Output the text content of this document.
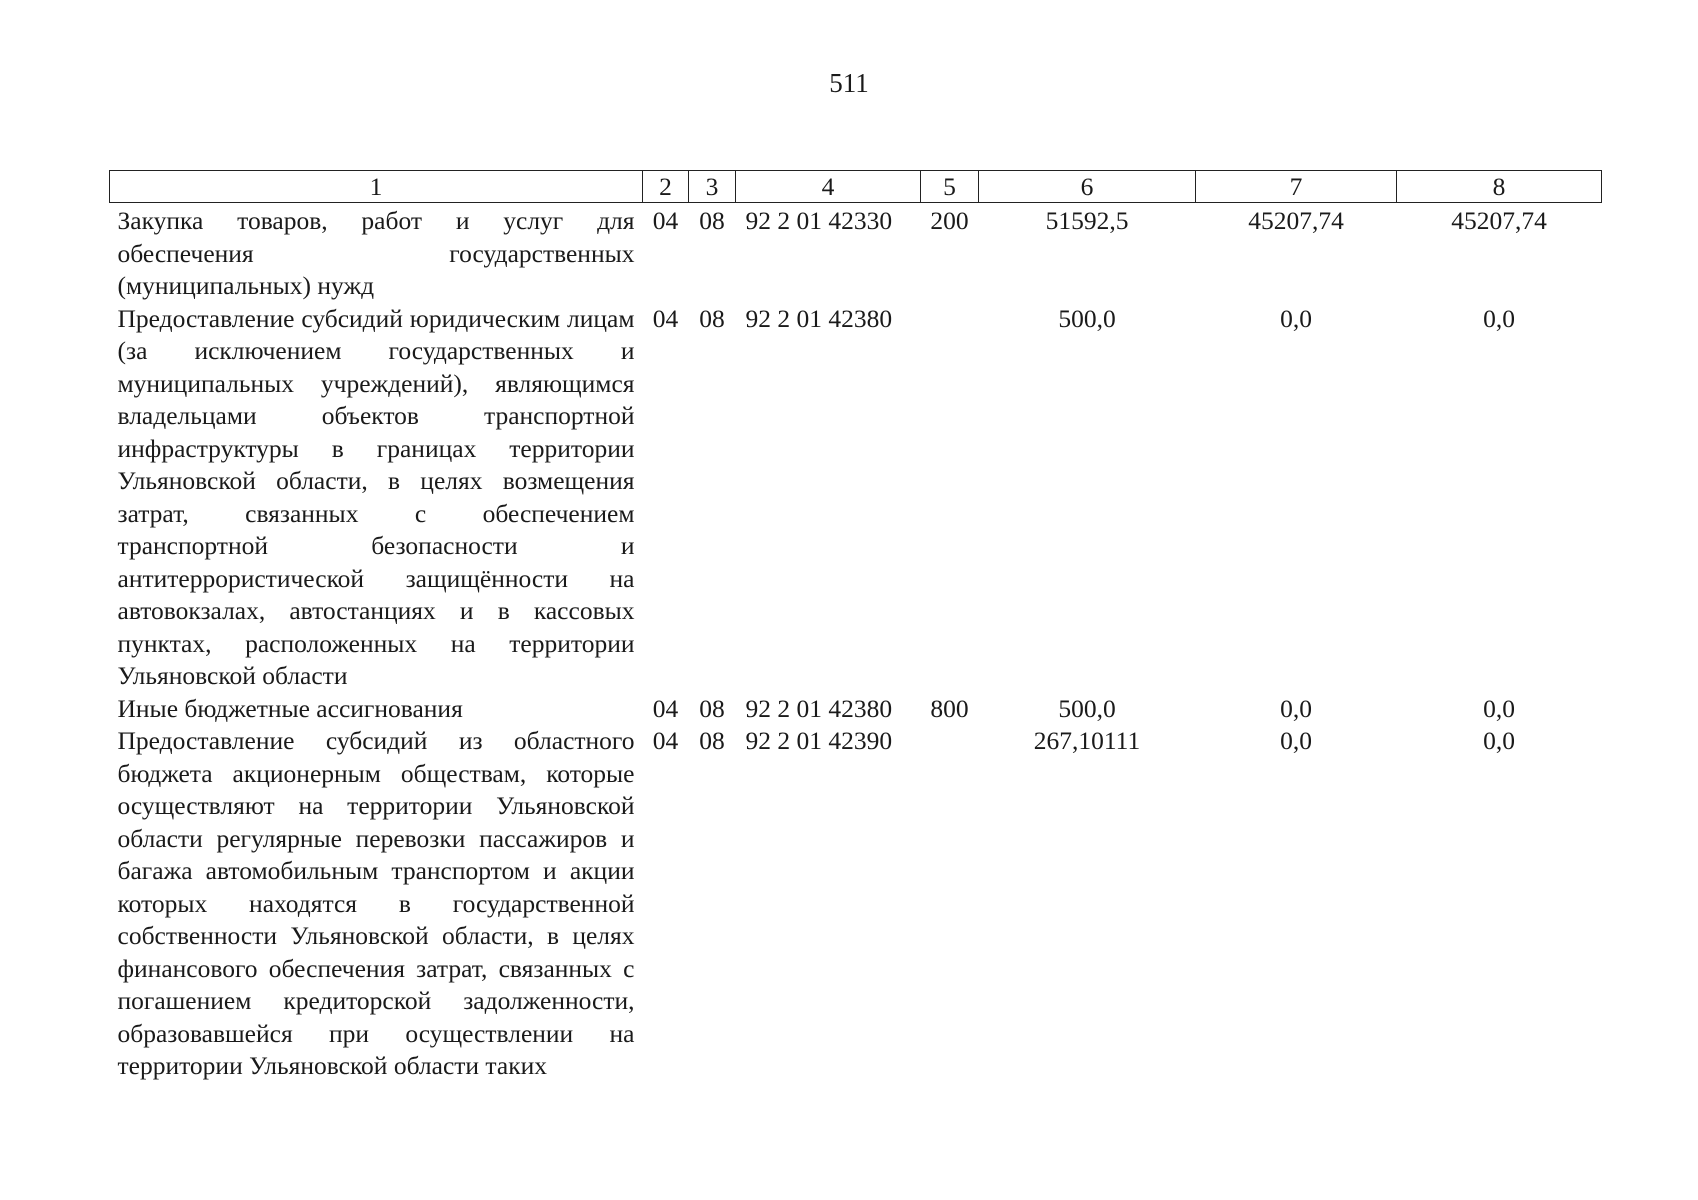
511
1	2	3	4	5	6	7	8
Закупка товаров, работ и услуг для обеспечения государственных (муниципальных) нужд	04	08	92 2 01 42330	200	51592,5	45207,74	45207,74
Предоставление субсидий юридическим лицам (за исключением государственных и муниципальных учреждений), являющимся владельцами объектов транспортной инфраструктуры в границах территории Ульяновской области, в целях возмещения затрат, связанных с обеспечением транспортной безопасности и антитеррористической защищённости на автовокзалах, автостанциях и в кассовых пунктах, расположенных на территории Ульяновской области	04	08	92 2 01 42380		500,0	0,0	0,0
Иные бюджетные ассигнования	04	08	92 2 01 42380	800	500,0	0,0	0,0
Предоставление субсидий из областного бюджета акционерным обществам, которые осуществляют на территории Ульяновской области регулярные перевозки пассажиров и багажа автомобильным транспортом и акции которых находятся в государственной собственности Ульяновской области, в целях финансового обеспечения затрат, связанных с погашением кредиторской задолженности, образовавшейся при осуществлении на территории Ульяновской области таких	04	08	92 2 01 42390		267,10111	0,0	0,0
